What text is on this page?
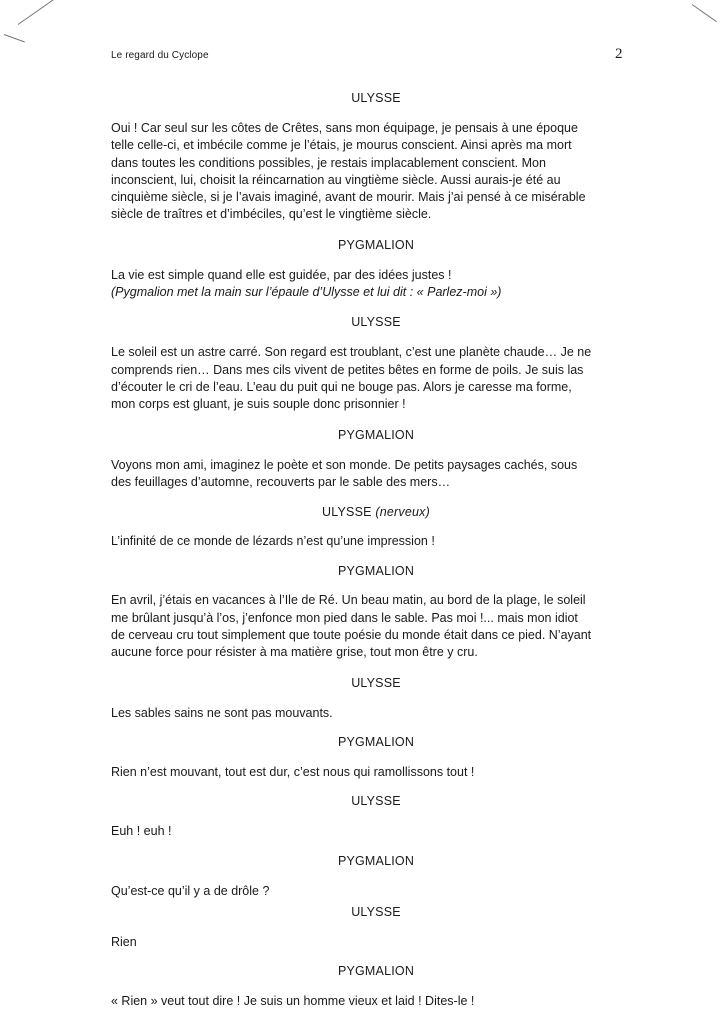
Le regard du Cyclope	2

ULYSSE

Oui ! Car seul sur les côtes de Crêtes, sans mon équipage, je pensais à une époque

telle celle-ci, et imbécile comme je l’étais, je mourus conscient. Ainsi après ma mort

dans toutes les conditions possibles, je restais implacablement conscient. Mon

inconscient, lui, choisit la réincarnation au vingtième siècle. Aussi aurais-je été au

cinquième siècle, si je l’avais imaginé, avant de mourir. Mais j’ai pensé à ce misérable

siècle de traîtres et d’imbéciles, qu’est le vingtième siècle.

PYGMALION

La vie est simple quand elle est guidée, par des idées justes !

(Pygmalion met la main sur l’épaule d’Ulysse et lui dit : « Parlez-moi »)

ULYSSE

Le soleil est un astre carré. Son regard est troublant, c’est une planète chaude… Je ne

comprends rien… Dans mes cils vivent de petites bêtes en forme de poils. Je suis las

d’écouter le cri de l’eau. L’eau du puit qui ne bouge pas. Alors je caresse ma forme,

mon corps est gluant, je suis souple donc prisonnier !

PYGMALION

Voyons mon ami, imaginez le poète et son monde. De petits paysages cachés, sous

des feuillages d’automne, recouverts par le sable des mers…

ULYSSE (nerveux)

L’infinité de ce monde de lézards n’est qu’une impression !

PYGMALION

En avril, j’étais en vacances à l’Ile de Ré. Un beau matin, au bord de la plage, le soleil

me brûlant jusqu’à l’os, j’enfonce mon pied dans le sable. Pas moi !... mais mon idiot

de cerveau cru tout simplement que toute poésie du monde était dans ce pied. N’ayant

aucune force pour résister à ma matière grise, tout mon être y cru.

ULYSSE

Les sables sains ne sont pas mouvants.

PYGMALION

Rien n’est mouvant, tout est dur, c’est nous qui ramollissons tout !

ULYSSE

Euh ! euh !

PYGMALION

Qu’est-ce qu’il y a de drôle ?

ULYSSE

Rien

PYGMALION

« Rien » veut tout dire ! Je suis un homme vieux et laid ! Dites-le !
